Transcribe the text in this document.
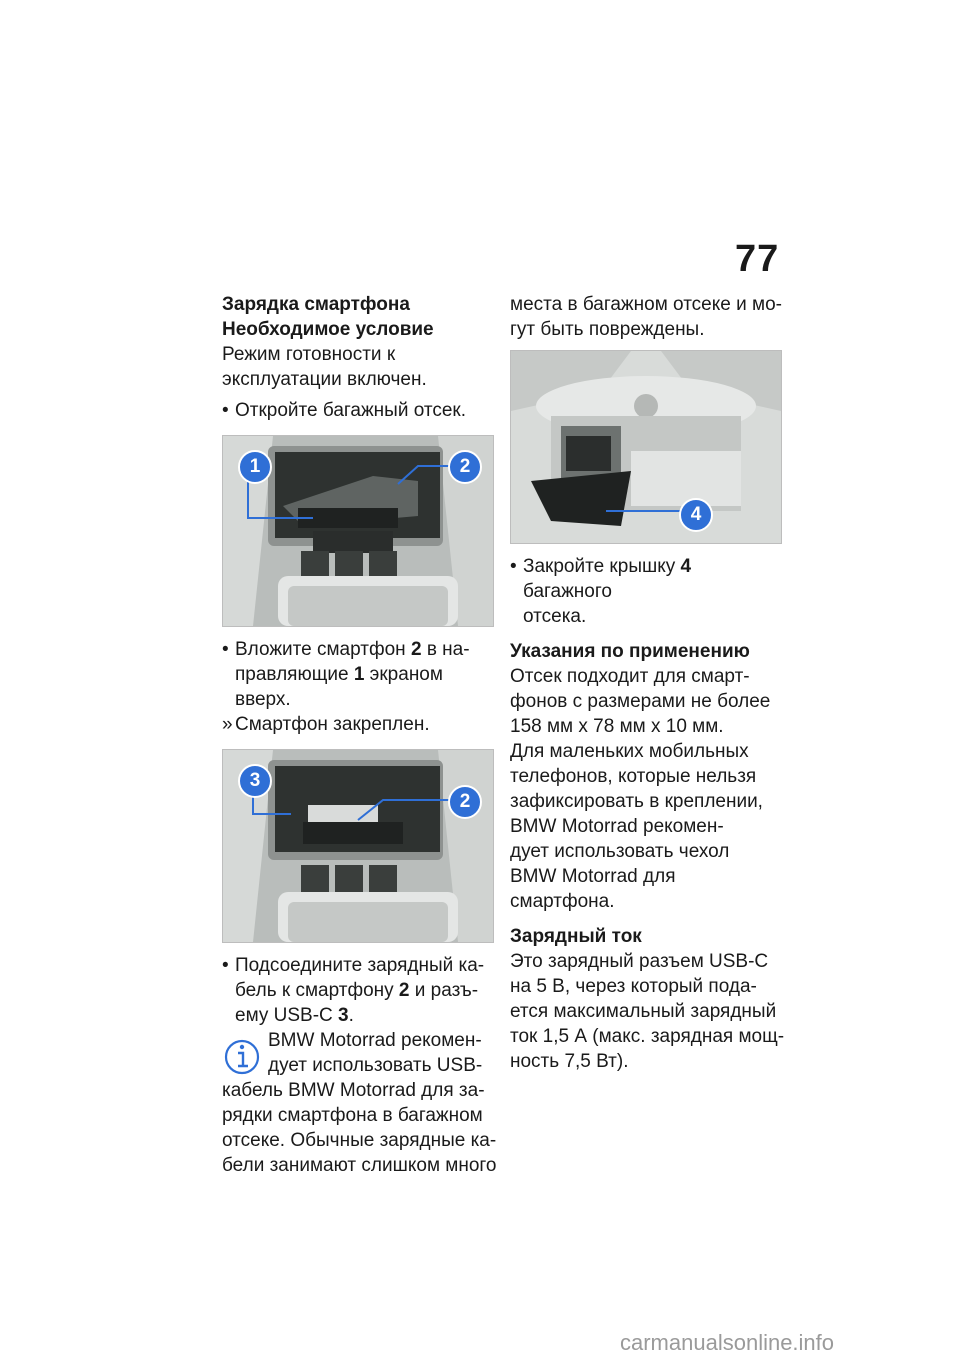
77

Зарядка смартфона

Необходимое условие

Режим готовности к
эксплуатации включен.

• Откройте багажный отсек.

1	2

• Вложите смартфон 2 в на-
правляющие 1 экраном вверх.

» Смартфон закреплен.

3
2

• Подсоедините зарядный ка-
бель к смартфону 2 и разъ-
ему USB-C 3.

BMW Motorrad рекомен-
дует использовать USB-

кабель BMW Motorrad для за-
рядки смартфона в багажном
отсеке. Обычные зарядные ка-
бели занимают слишком много

места в багажном отсеке и мо-
гут быть повреждены.

4

• Закройте крышку 4 багажного
отсека.

Указания по применению

Отсек подходит для смарт-
фонов с размерами не более
158 мм x 78 мм x 10 мм.
Для маленьких мобильных
телефонов, которые нельзя
зафиксировать в креплении,
BMW Motorrad рекомен-
дует использовать чехол
BMW Motorrad для смартфона.

Зарядный ток

Это зарядный разъем USB-C
на 5 В, через который пода-
ется максимальный зарядный
ток 1,5 А (макс. зарядная мощ-
ность 7,5 Вт).

carmanualsonline.info
